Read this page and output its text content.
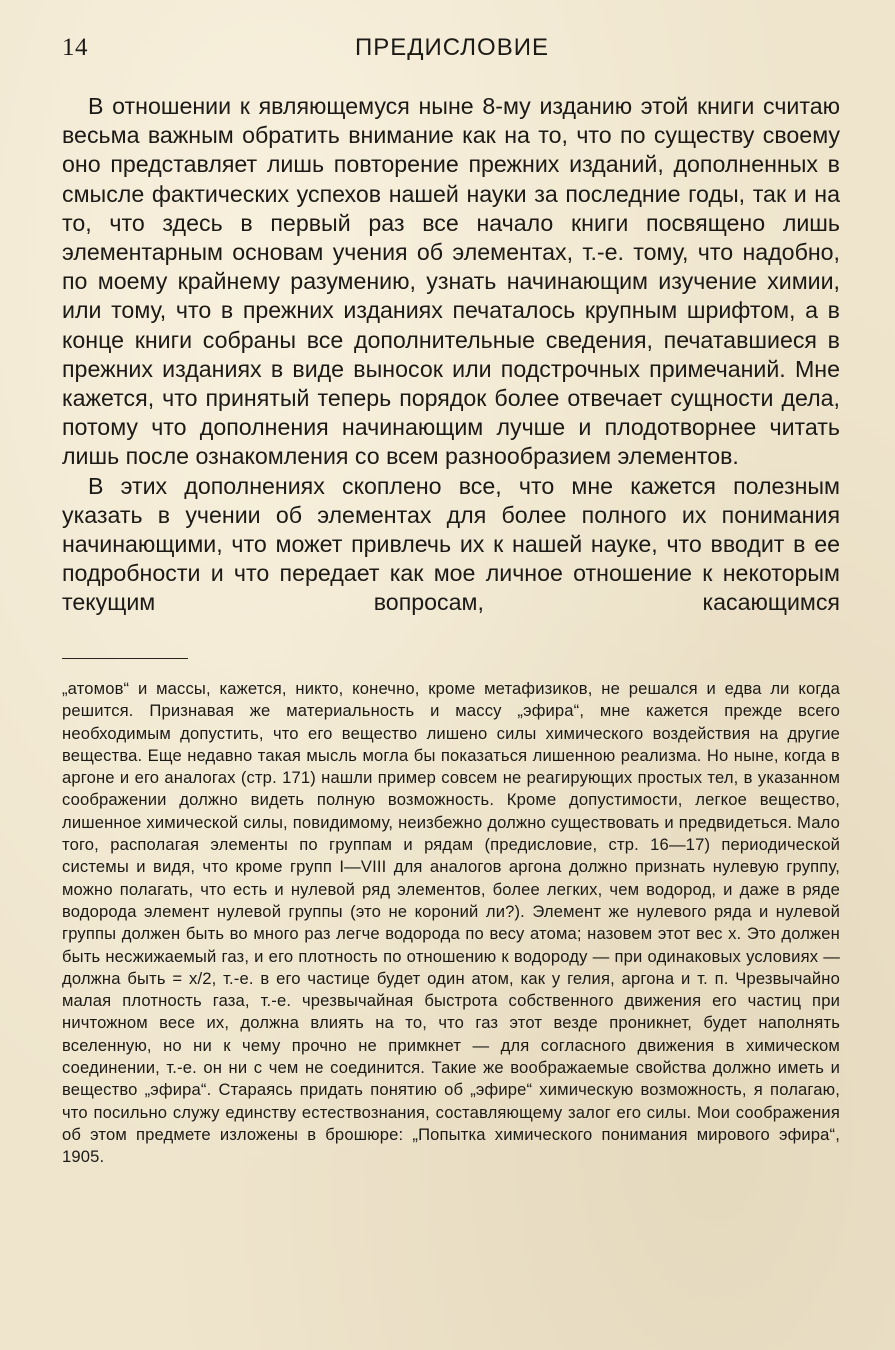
14	ПРЕДИСЛОВИЕ

В отношении к являющемуся ныне 8-му изданию этой книги считаю весьма важным обратить внимание как на то, что по существу своему оно представляет лишь повторение прежних изданий, дополненных в смысле фактических успехов нашей науки за последние годы, так и на то, что здесь в первый раз все начало книги посвящено лишь элементарным основам учения об элементах, т.-е. тому, что надобно, по моему крайнему разумению, узнать начинающим изучение химии, или тому, что в прежних изданиях печаталось крупным шрифтом, а в конце книги собраны все дополнительные сведения, печатавшиеся в прежних изданиях в виде выносок или подстрочных примечаний. Мне кажется, что принятый теперь порядок более отвечает сущности дела, потому что дополнения начинающим лучше и плодотворнее читать лишь после ознакомления со всем разнообразием элементов.

В этих дополнениях скоплено все, что мне кажется полезным указать в учении об элементах для более полного их понимания начинающими, что может привлечь их к нашей науке, что вводит в ее подробности и что передает как мое личное отношение к некоторым текущим вопросам, касающимся

„атомов“ и массы, кажется, никто, конечно, кроме метафизиков, не решался и едва ли когда решится. Признавая же материальность и массу „эфира“, мне кажется прежде всего необходимым допустить, что его вещество лишено силы химического воздействия на другие вещества. Еще недавно такая мысль могла бы показаться лишенною реализма. Но ныне, когда в аргоне и его аналогах (стр. 171) нашли пример совсем не реагирующих простых тел, в указанном соображении должно видеть полную возможность. Кроме допустимости, легкое вещество, лишенное химической силы, повидимому, неизбежно должно существовать и предвидеться. Мало того, располагая элементы по группам и рядам (предисловие, стр. 16—17) периодической системы и видя, что кроме групп I—VIII для аналогов аргона должно признать нулевую группу, можно полагать, что есть и нулевой ряд элементов, более легких, чем водород, и даже в ряде водорода элемент нулевой группы (это не короний ли?). Элемент же нулевого ряда и нулевой группы должен быть во много раз легче водорода по весу атома; назовем этот вес x. Это должен быть несжижаемый газ, и его плотность по отношению к водороду — при одинаковых условиях — должна быть = x/2, т.-е. в его частице будет один атом, как у гелия, аргона и т. п. Чрезвычайно малая плотность газа, т.-е. чрезвычайная быстрота собственного движения его частиц при ничтожном весе их, должна влиять на то, что газ этот везде проникнет, будет наполнять вселенную, но ни к чему прочно не примкнет — для согласного движения в химическом соединении, т.-е. он ни с чем не соединится. Такие же воображаемые свойства должно иметь и вещество „эфира“. Стараясь придать понятию об „эфире“ химическую возможность, я полагаю, что посильно служу единству естествознания, составляющему залог его силы. Мои соображения об этом предмете изложены в брошюре: „Попытка химического понимания мирового эфира“, 1905.
